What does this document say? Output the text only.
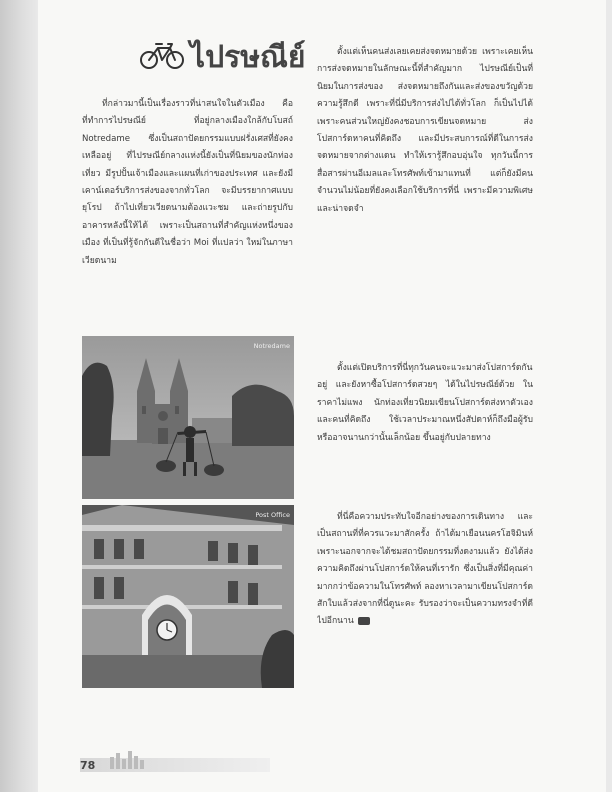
ไปรษณีย์

ที่กล่าวมานี้เป็นเรื่องราวที่น่าสนใจในตัวเมือง คือที่ทำการไปรษณีย์ ที่อยู่กลางเมืองใกล้กับโบสถ์ Notredame ซึ่งเป็นสถาปัตยกรรมแบบฝรั่งเศสที่ยังคงเหลืออยู่ ที่ไปรษณีย์กลางแห่งนี้ยังเป็นที่นิยมของนักท่องเที่ยว มีรูปปั้นเจ้าเมืองและแผนที่เก่าของประเทศ และยังมีเคาน์เตอร์บริการส่งของจากทั่วโลก จะมีบรรยากาศแบบยุโรป ถ้าไปเที่ยวเวียดนามต้องแวะชม และถ่ายรูปกับอาคารหลังนี้ให้ได้ เพราะเป็นสถานที่สำคัญแห่งหนึ่งของเมือง ที่เป็นที่รู้จักกันดีในชื่อว่า Moi ที่แปลว่า ใหม่ในภาษาเวียดนาม

Notredame
Post Office

ตั้งแต่เห็นคนส่งเลยเคยส่งจดหมายด้วย เพราะเคยเห็นการส่งจดหมายในลักษณะนี้ที่สำคัญมาก ไปรษณีย์เป็นที่นิยมในการส่งของ ส่งจดหมายถึงกันและส่งของขวัญด้วยความรู้สึกดี เพราะที่นี่มีบริการส่งไปได้ทั่วโลก ก็เป็นไปได้ เพราะคนส่วนใหญ่ยังคงชอบการเขียนจดหมาย ส่งโปสการ์ดหาคนที่คิดถึง และมีประสบการณ์ที่ดีในการส่งจดหมายจากต่างแดน ทำให้เรารู้สึกอบอุ่นใจ ทุกวันนี้การสื่อสารผ่านอีเมลและโทรศัพท์เข้ามาแทนที่ แต่ก็ยังมีคนจำนวนไม่น้อยที่ยังคงเลือกใช้บริการที่นี่ เพราะมีความพิเศษและน่าจดจำ

ตั้งแต่เปิดบริการที่นี่ทุกวันคนจะแวะมาส่งโปสการ์ดกันอยู่ และยังหาซื้อโปสการ์ดสวยๆ ได้ในไปรษณีย์ด้วย ในราคาไม่แพง นักท่องเที่ยวนิยมเขียนโปสการ์ดส่งหาตัวเองและคนที่คิดถึง ใช้เวลาประมาณหนึ่งสัปดาห์ก็ถึงมือผู้รับ หรืออาจนานกว่านั้นเล็กน้อย ขึ้นอยู่กับปลายทาง

ที่นี่คือความประทับใจอีกอย่างของการเดินทาง และเป็นสถานที่ที่ควรแวะมาสักครั้ง ถ้าได้มาเยือนนครโฮจิมินห์ เพราะนอกจากจะได้ชมสถาปัตยกรรมที่งดงามแล้ว ยังได้ส่งความคิดถึงผ่านโปสการ์ดให้คนที่เรารัก ซึ่งเป็นสิ่งที่มีคุณค่ามากกว่าข้อความในโทรศัพท์ ลองหาเวลามาเขียนโปสการ์ดสักใบแล้วส่งจากที่นี่ดูนะคะ รับรองว่าจะเป็นความทรงจำที่ดีไปอีกนาน

78
